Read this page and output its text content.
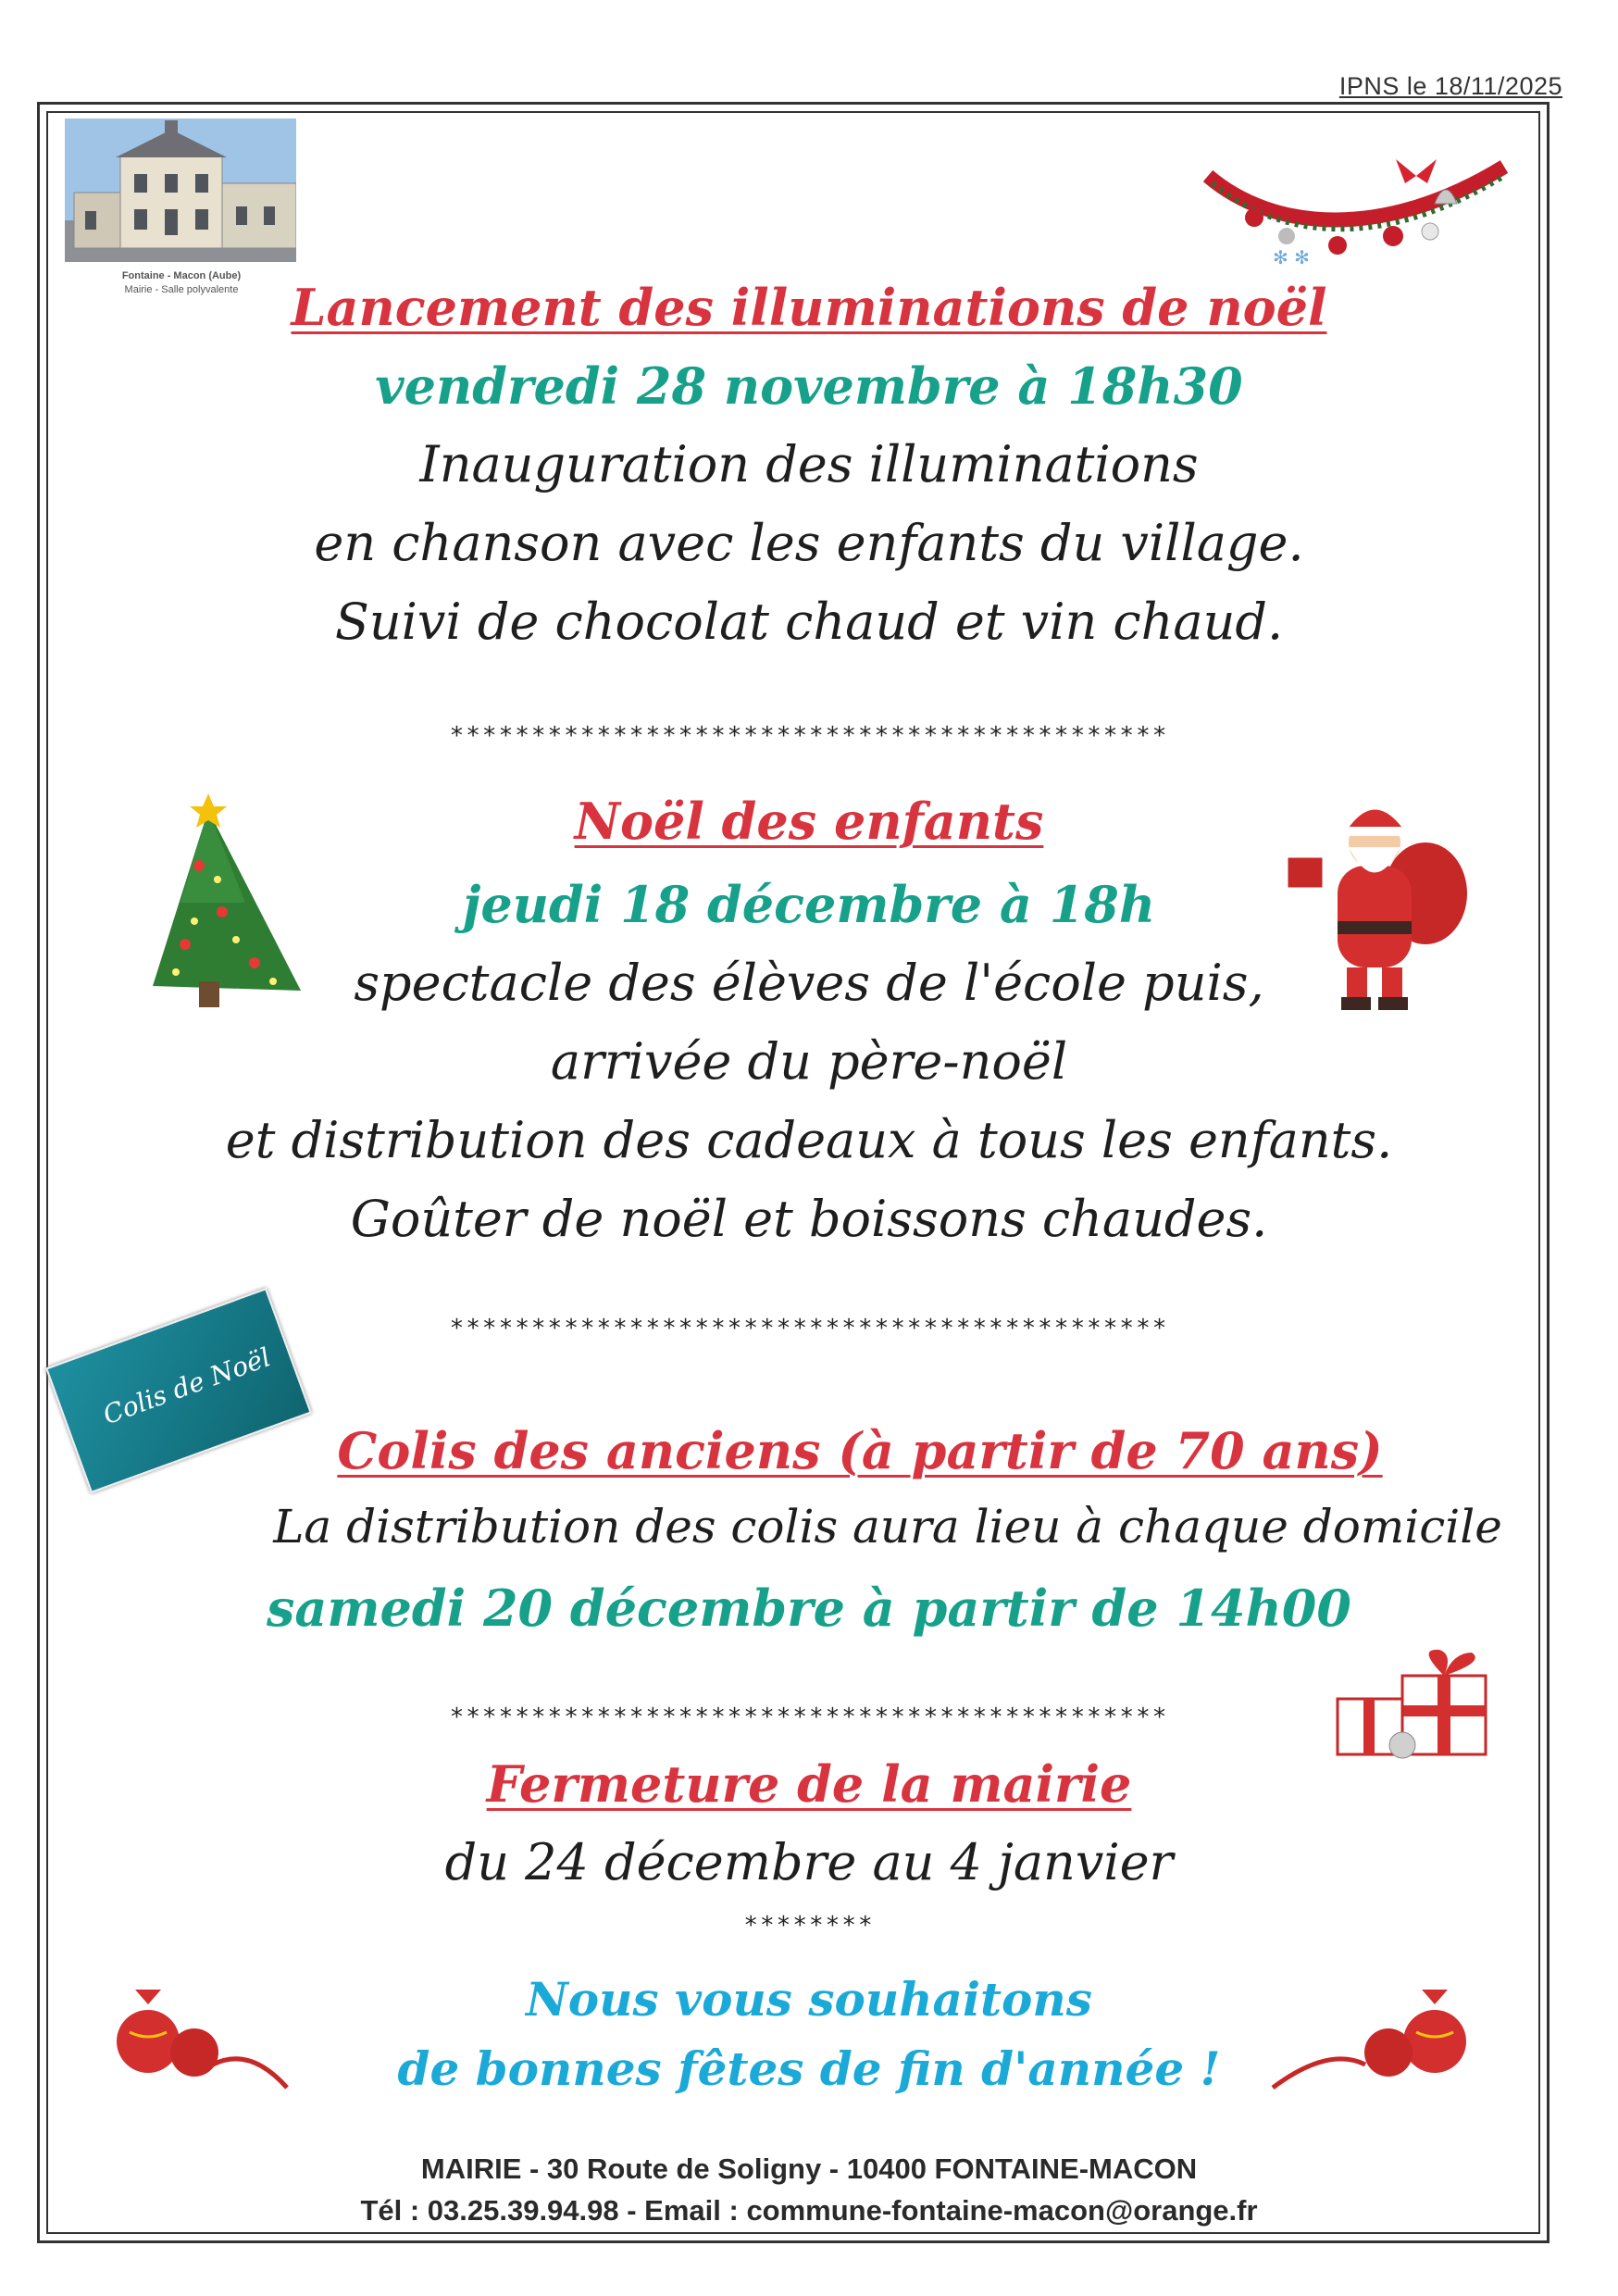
IPNS le 18/11/2025
Fontaine - Macon (Aube)
Mairie - Salle polyvalente
✻ ✻
Lancement des illuminations de noël
vendredi 28 novembre à 18h30
Inauguration des illuminations
en chanson avec les enfants du village.
Suivi de chocolat chaud et vin chaud.
********************************************
Noël des enfants
jeudi 18 décembre à 18h
spectacle des élèves de l'école puis,
arrivée du père-noël
et distribution des cadeaux à tous les enfants.
Goûter de noël et boissons chaudes.
********************************************
Colis de Noël
Colis des anciens (à partir de 70 ans)
La distribution des colis aura lieu à chaque domicile
samedi 20 décembre à partir de 14h00
********************************************
Fermeture de la mairie
du 24 décembre au 4 janvier
********
Nous vous souhaitons
de bonnes fêtes de fin d'année !
MAIRIE - 30 Route de Soligny - 10400 FONTAINE-MACON
Tél : 03.25.39.94.98 - Email : commune-fontaine-macon@orange.fr
